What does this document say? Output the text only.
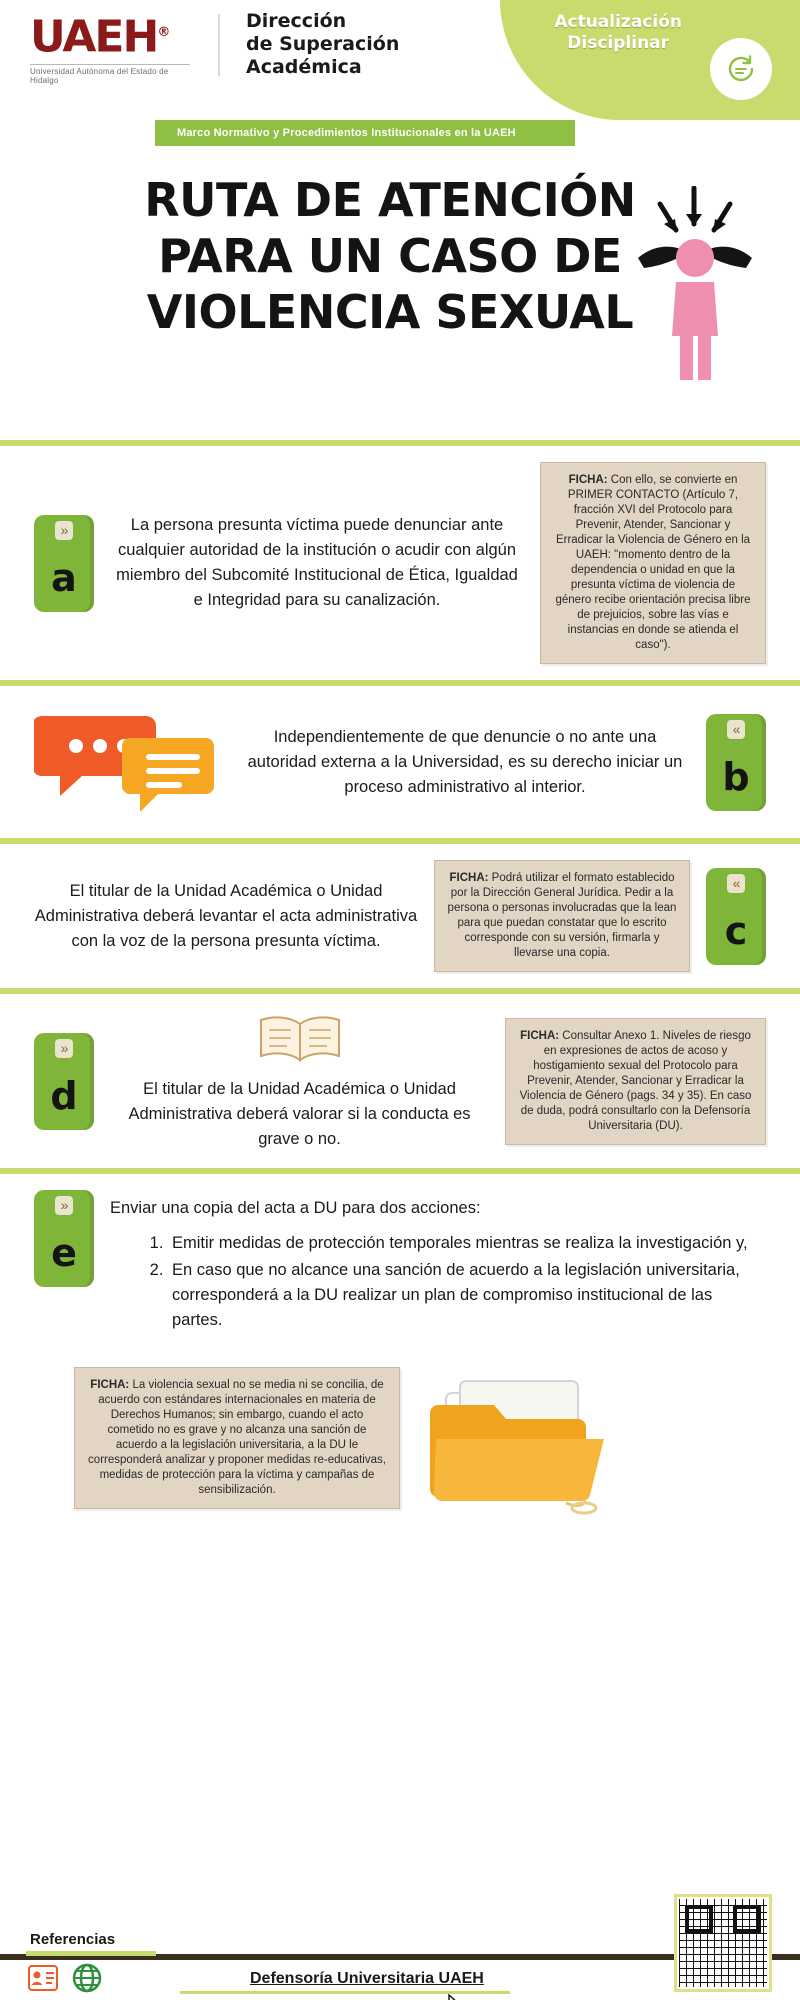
UAEH®
Universidad Autónoma del Estado de Hidalgo
Dirección
de Superación
Académica
Actualización
Disciplinar
Marco Normativo y Procedimientos Institucionales en la UAEH
RUTA DE ATENCIÓN
PARA UN CASO DE
VIOLENCIA SEXUAL
»
a
La persona presunta víctima puede denunciar ante cualquier autoridad de la institución o acudir con algún miembro del Subcomité Institucional de Ética, Igualdad e Integridad para su canalización.
FICHA: Con ello, se convierte en PRIMER CONTACTO (Artículo 7, fracción XVI del Protocolo para Prevenir, Atender, Sancionar y Erradicar la Violencia de Género en la UAEH: "momento dentro de la dependencia o unidad en que la presunta víctima de violencia de género recibe orientación precisa libre de prejuicios, sobre las vías e instancias en donde se atienda el caso").
Independientemente de que denuncie o no ante una autoridad externa a la Universidad, es su derecho iniciar un proceso administrativo al interior.
«
b
El titular de la Unidad Académica o Unidad Administrativa deberá levantar el acta administrativa con la voz de la persona presunta víctima.
FICHA: Podrá utilizar el formato establecido por la Dirección General Jurídica. Pedir a la persona o personas involucradas que la lean para que puedan constatar que lo escrito corresponde con su versión, firmarla y llevarse una copia.
«
c
»
d	El titular de la Unidad Académica o Unidad Administrativa deberá valorar si la conducta es grave o no.
FICHA: Consultar Anexo 1. Niveles de riesgo en expresiones de actos de acoso y hostigamiento sexual del Protocolo para Prevenir, Atender, Sancionar y Erradicar la Violencia de Género (pags. 34 y 35). En caso de duda, podrá consultarlo con la Defensoría Universitaria (DU).
»
e
Enviar una copia del acta a DU para dos acciones:
1. Emitir medidas de protección temporales mientras se realiza la investigación y,
2. En caso que no alcance una sanción de acuerdo a la legislación universitaria, corresponderá a la DU realizar un plan de compromiso institucional de las partes.
FICHA: La violencia sexual no se media ni se concilia, de acuerdo con estándares internacionales en materia de Derechos Humanos; sin embargo, cuando el acto cometido no es grave y no alcanza una sanción de acuerdo a la legislación universitaria, a la DU le corresponderá analizar y proponer medidas re-educativas, medidas de protección para la víctima y campañas de sensibilización.
Referencias
Defensoría Universitaria UAEH
